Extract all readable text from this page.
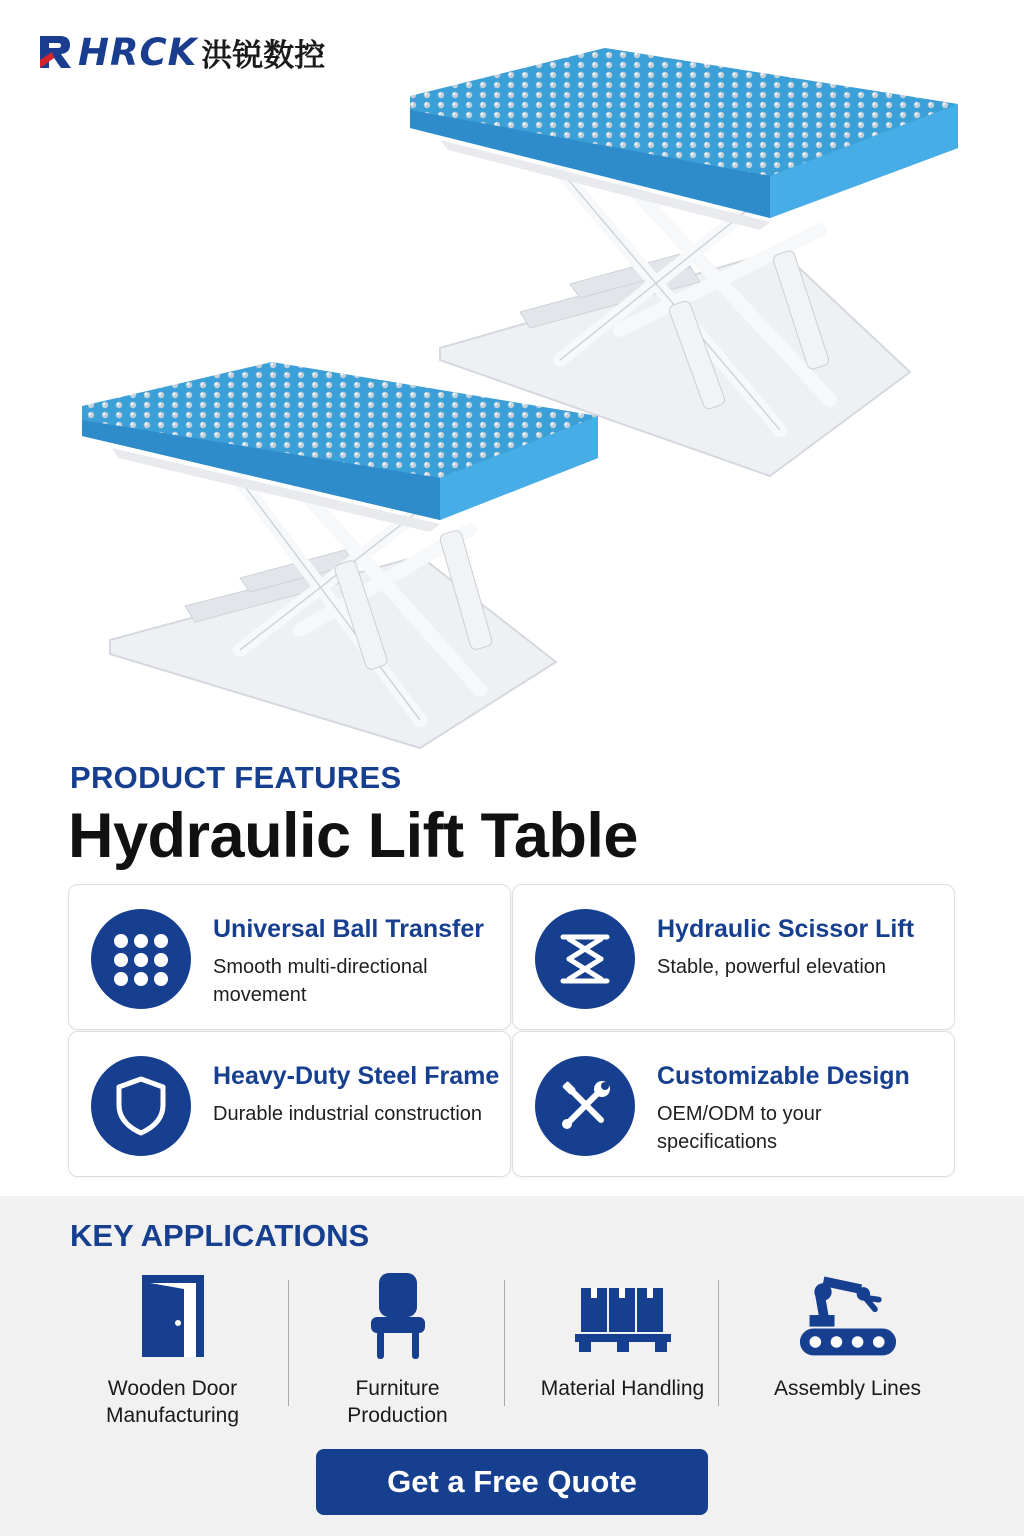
HRCK 洪锐数控
PRODUCT FEATURES
Hydraulic Lift Table
Universal Ball Transfer
Smooth multi-directional movement
Hydraulic Scissor Lift
Stable, powerful elevation
Heavy-Duty Steel Frame
Durable industrial construction
Customizable Design
OEM/ODM to your specifications
KEY APPLICATIONS
Wooden Door Manufacturing
Furniture Production
Material Handling	Assembly Lines
Get a Free Quote
